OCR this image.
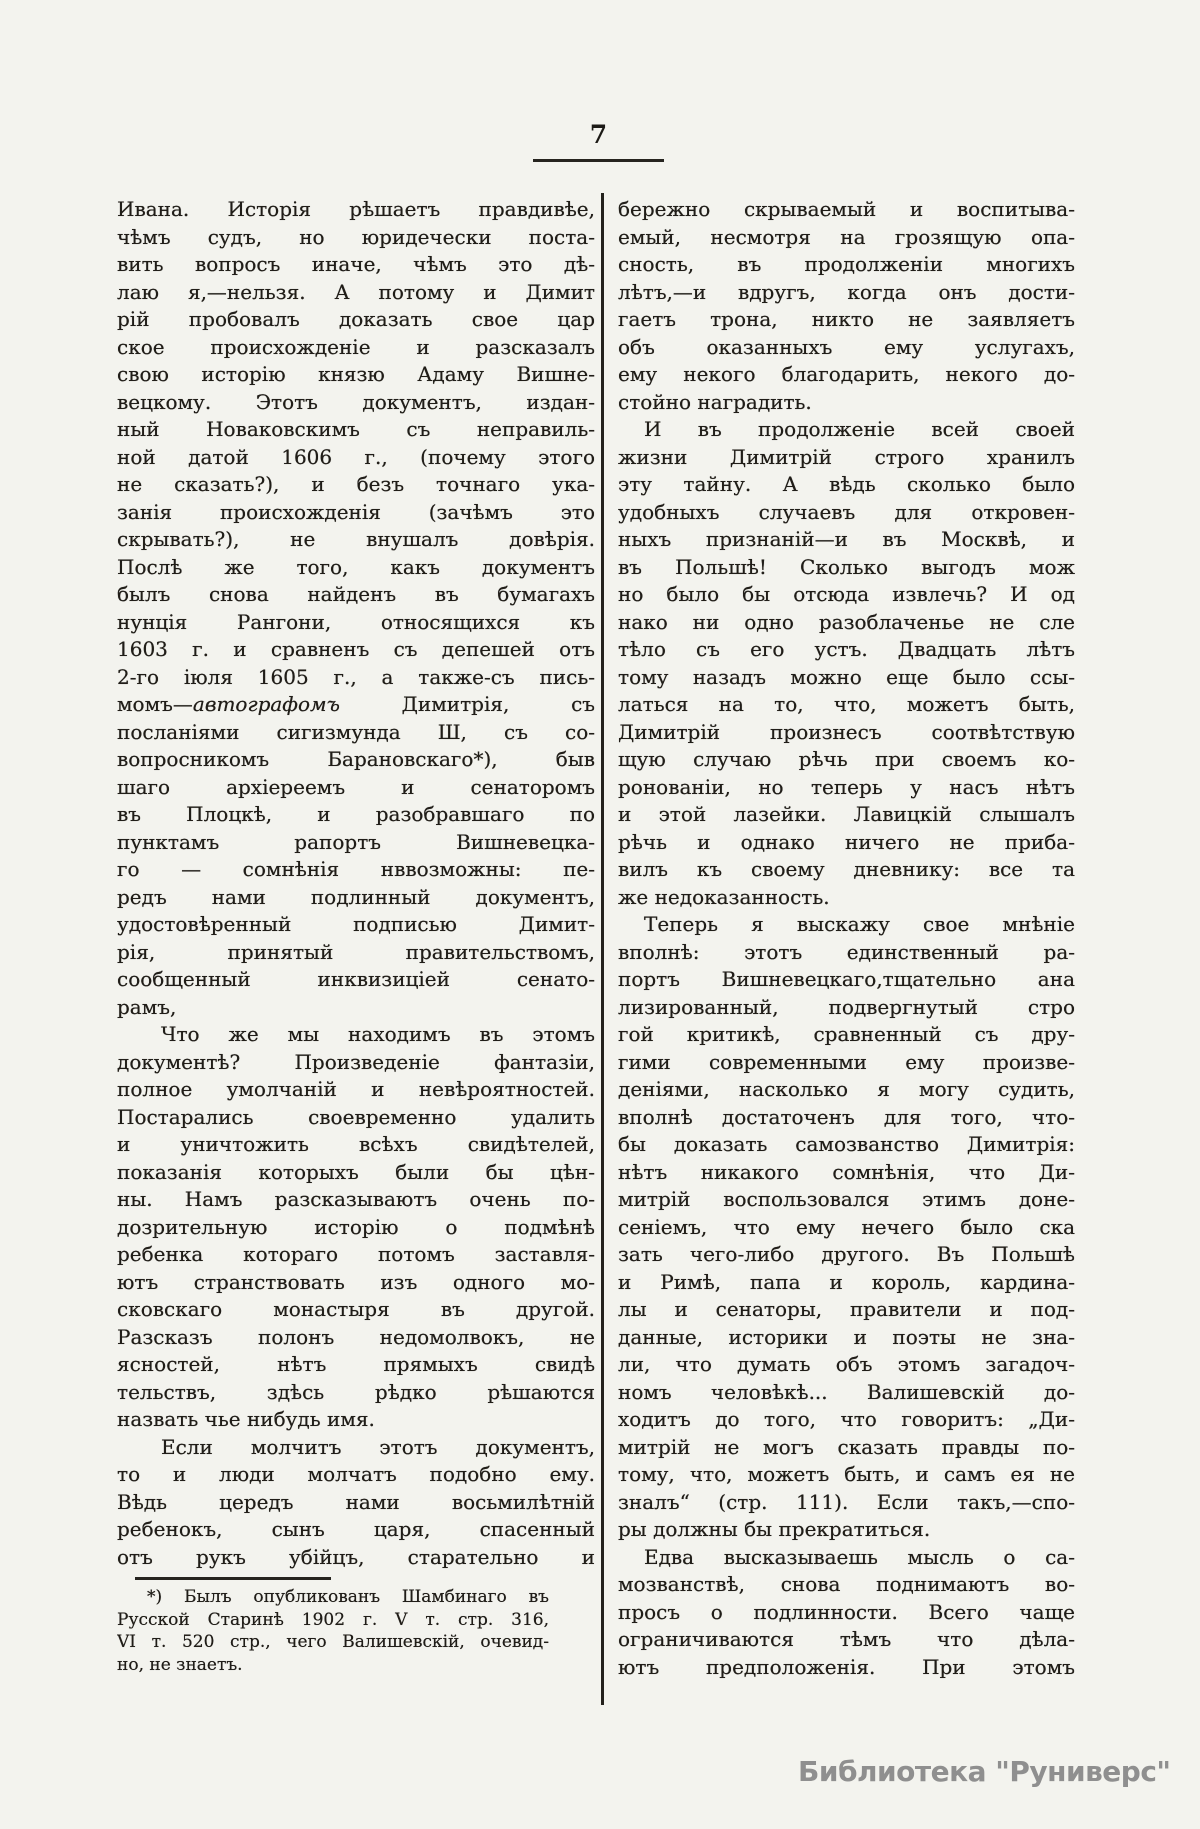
7
Ивана. Исторія рѣшаетъ правдивѣе,
чѣмъ судъ, но юридечески поста-
вить вопросъ иначе, чѣмъ это дѣ-
лаю я,—нельзя. А потому и Димит
рій пробовалъ доказать свое цар
ское происхожденіе и разсказалъ
свою исторію князю Адаму Вишне-
вецкому. Этотъ документъ, издан-
ный Новаковскимъ съ неправиль-
ной датой 1606 г., (почему этого
не сказать?), и безъ точнаго ука-
занія происхожденія (зачѣмъ это
скрывать?), не внушалъ довѣрія.
Послѣ же того, какъ документъ
былъ снова найденъ въ бумагахъ
нунція Рангони, относящихся къ
1603 г. и сравненъ съ депешей отъ
2-го іюля 1605 г., а также-съ пись-
момъ—автографомъ Димитрія, съ
посланіями сигизмунда Ш, съ со-
вопросникомъ Барановскаго*), быв
шаго архіереемъ и сенаторомъ
въ Плоцкѣ, и разобравшаго по
пунктамъ рапортъ Вишневецка-
го — сомнѣнія нввозможны: пе-
редъ нами подлинный документъ,
удостовѣренный подписью Димит-
рія, принятый правительствомъ,
сообщенный инквизиціей сенато-
рамъ,
Что же мы находимъ въ этомъ
документѣ? Произведеніе фантазіи,
полное умолчаній и невѣроятностей.
Постарались своевременно удалить
и уничтожить всѣхъ свидѣтелей,
показанія которыхъ были бы цѣн-
ны. Намъ разсказываютъ очень по-
дозрительную исторію о подмѣнѣ
ребенка котораго потомъ заставля-
ютъ странствовать изъ одного мо-
сковскаго монастыря въ другой.
Разсказъ полонъ недомолвокъ, не
ясностей, нѣтъ прямыхъ свидѣ
тельствъ, здѣсь рѣдко рѣшаются
назвать чье нибудь имя.
Если молчитъ этотъ документъ,
то и люди молчатъ подобно ему.
Вѣдь цередъ нами восьмилѣтній
ребенокъ, сынъ царя, спасенный
отъ рукъ убійцъ, старательно и
бережно скрываемый и воспитыва-
емый, несмотря на грозящую опа-
сность, въ продолженіи многихъ
лѣтъ,—и вдругъ, когда онъ дости-
гаетъ трона, никто не заявляетъ
объ оказанныхъ ему услугахъ,
ему некого благодарить, некого до-
стойно наградить.
И въ продолженіе всей своей
жизни Димитрій строго хранилъ
эту тайну. А вѣдь сколько было
удобныхъ случаевъ для откровен-
ныхъ признаній—и въ Москвѣ, и
въ Польшѣ! Сколько выгодъ мож
но было бы отсюда извлечь? И од
нако ни одно разоблаченье не сле
тѣло съ его устъ. Двадцать лѣтъ
тому назадъ можно еще было ссы-
латься на то, что, можетъ быть,
Димитрій произнесъ соотвѣтствую
щую случаю рѣчь при своемъ ко-
ронованіи, но теперь у насъ нѣтъ
и этой лазейки. Лавицкій слышалъ
рѣчь и однако ничего не приба-
вилъ къ своему дневнику: все та
же недоказанность.
Теперь я выскажу свое мнѣніе
вполнѣ: этотъ единственный ра-
портъ Вишневецкаго,тщательно ана
лизированный, подвергнутый стро
гой критикѣ, сравненный съ дру-
гими современными ему произве-
деніями, насколько я могу судить,
вполнѣ достаточенъ для того, что-
бы доказать самозванство Димитрія:
нѣтъ никакого сомнѣнія, что Ди-
митрій воспользовался этимъ доне-
сеніемъ, что ему нечего было ска
зать чего-либо другого. Въ Польшѣ
и Римѣ, папа и король, кардина-
лы и сенаторы, правители и под-
данные, историки и поэты не зна-
ли, что думать объ этомъ загадоч-
номъ человѣкѣ... Валишевскій до-
ходитъ до того, что говоритъ: „Ди-
митрій не могъ сказать правды по-
тому, что, можетъ быть, и самъ ея не
зналъ“ (стр. 111). Если такъ,—спо-
ры должны бы прекратиться.
Едва высказываешь мысль о са-
мозванствѣ, снова поднимаютъ во-
просъ о подлинности. Всего чаще
ограничиваются тѣмъ что дѣла-
ютъ предположенія. При этомъ
*) Былъ опубликованъ Шамбинаго въ
Русской Старинѣ 1902 г. V т. стр. 316,
VI т. 520 стр., чего Валишевскій, очевид-
но, не знаетъ.
Библиотека "Руниверс"
